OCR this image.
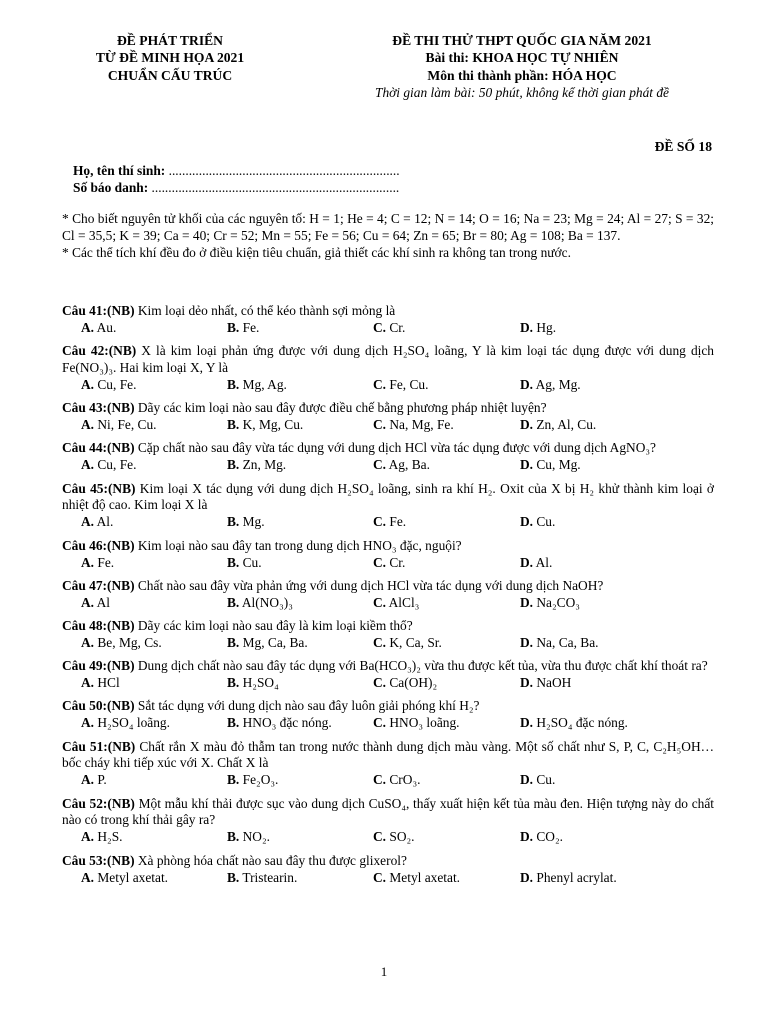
ĐỀ PHÁT TRIỂN
TỪ ĐỀ MINH HỌA 2021
CHUẨN CẤU TRÚC
ĐỀ THI THỬ THPT QUỐC GIA NĂM 2021
Bài thi: KHOA HỌC TỰ NHIÊN
Môn thi thành phần: HÓA HỌC
Thời gian làm bài: 50 phút, không kể thời gian phát đề
ĐỀ SỐ 18
Họ, tên thí sinh: .....................................................................
Số báo danh: ..........................................................................
* Cho biết nguyên tử khối của các nguyên tố: H = 1; He = 4; C = 12; N = 14; O = 16; Na = 23; Mg = 24; Al = 27; S = 32; Cl = 35,5; K = 39; Ca = 40; Cr = 52; Mn = 55; Fe = 56; Cu = 64; Zn = 65; Br = 80; Ag = 108; Ba = 137.
* Các thể tích khí đều đo ở điều kiện tiêu chuẩn, giả thiết các khí sinh ra không tan trong nước.
Câu 41:(NB) Kim loại dẻo nhất, có thể kéo thành sợi mỏng là
A. Au.	B. Fe.	C. Cr.	D. Hg.
Câu 42:(NB) X là kim loại phản ứng được với dung dịch H₂SO₄ loãng, Y là kim loại tác dụng được với dung dịch Fe(NO₃)₃. Hai kim loại X, Y là
A. Cu, Fe.	B. Mg, Ag.	C. Fe, Cu.	D. Ag, Mg.
Câu 43:(NB) Dãy các kim loại nào sau đây được điều chế bằng phương pháp nhiệt luyện?
A. Ni, Fe, Cu.	B. K, Mg, Cu.	C. Na, Mg, Fe.	D. Zn, Al, Cu.
Câu 44:(NB) Cặp chất nào sau đây vừa tác dụng với dung dịch HCl vừa tác dụng được với dung dịch AgNO₃?
A. Cu, Fe.	B. Zn, Mg.	C. Ag, Ba.	D. Cu, Mg.
Câu 45:(NB) Kim loại X tác dụng với dung dịch H₂SO₄ loãng, sinh ra khí H₂. Oxit của X bị H₂ khử thành kim loại ở nhiệt độ cao. Kim loại X là
A. Al.	B. Mg.	C. Fe.	D. Cu.
Câu 46:(NB) Kim loại nào sau đây tan trong dung dịch HNO₃ đặc, nguội?
A. Fe.	B. Cu.	C. Cr.	D. Al.
Câu 47:(NB) Chất nào sau đây vừa phản ứng với dung dịch HCl vừa tác dụng với dung dịch NaOH?
A. Al	B. Al(NO₃)₃	C. AlCl₃	D. Na₂CO₃
Câu 48:(NB) Dãy các kim loại nào sau đây là kim loại kiềm thổ?
A. Be, Mg, Cs.	B. Mg, Ca, Ba.	C. K, Ca, Sr.	D. Na, Ca, Ba.
Câu 49:(NB) Dung dịch chất nào sau đây tác dụng với Ba(HCO₃)₂ vừa thu được kết tủa, vừa thu được chất khí thoát ra?
A. HCl	B. H₂SO₄	C. Ca(OH)₂	D. NaOH
Câu 50:(NB) Sắt tác dụng với dung dịch nào sau đây luôn giải phóng khí H₂?
A. H₂SO₄ loãng.	B. HNO₃ đặc nóng.	C. HNO₃ loãng.	D. H₂SO₄ đặc nóng.
Câu 51:(NB) Chất rắn X màu đỏ thẫm tan trong nước thành dung dịch màu vàng. Một số chất như S, P, C, C₂H₅OH… bốc cháy khi tiếp xúc với X. Chất X là
A. P.	B. Fe₂O₃.	C. CrO₃.	D. Cu.
Câu 52:(NB) Một mẫu khí thải được sục vào dung dịch CuSO₄, thấy xuất hiện kết tủa màu đen. Hiện tượng này do chất nào có trong khí thải gây ra?
A. H₂S.	B. NO₂.	C. SO₂.	D. CO₂.
Câu 53:(NB) Xà phòng hóa chất nào sau đây thu được glixerol?
A. Metyl axetat.	B. Tristearin.	C. Metyl axetat.	D. Phenyl acrylat.
1
